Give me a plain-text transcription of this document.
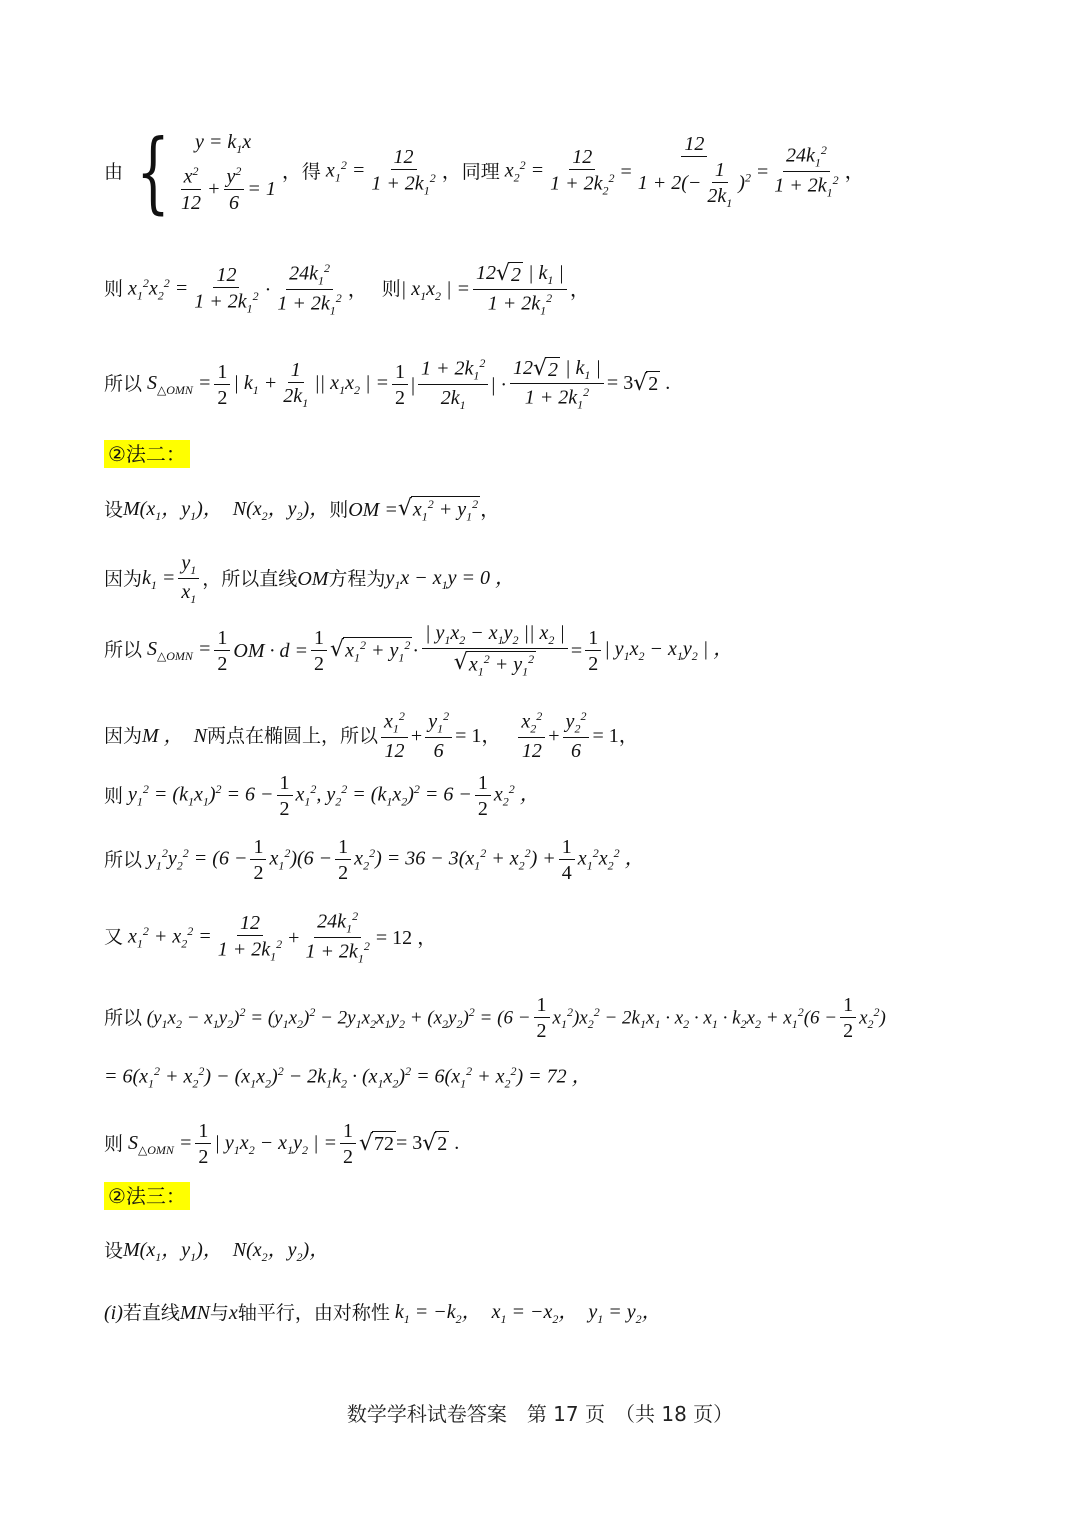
由 {	$y = k_1x$
$\frac{x^2}{12} + \frac{y^2}{6} = 1$
， 得 $x_1^2 = \frac{12}{1 + 2k_1^2}$ ， 同理 $x_2^2 = \frac{12}{1 + 2k_2^2} = \frac{12}{1 + 2(- \frac{1}{2k_1} )^2} = \frac{24k_1^2}{1 + 2k_1^2}$ ，
则 $x_1^2x_2^2 = \frac{12}{1 + 2k_1^2} \cdot \frac{24k_1^2}{1 + 2k_1^2}$ ， 则 | $x_1x_2$ | = $\frac{12 √ 2 | k_1 |}{1 + 2k_1^2}$ ，
所以 $S_{\triangle OMN} = \frac{1}{2}$ | $k_1 + \frac{1}{2k_1}$ || $x_1x_2$ | = $\frac{1}{2}$ | $\frac{1 + 2k_1^2}{2k_1}$ | · $\frac{12 √ 2 | k_1 |}{1 + 2k_1^2} = 3$ √ 2 .
②法二：
设 $M(x_1$，$y_1$)，  $N(x_2$，$y_2$)， 则 OM = √ $x_1^2 + y_1^2$ ，
因为 $k_1 = \frac{y_1}{x_1}$ ，所以直线 OM 方程为 $y_1x - x_1y = 0$ ，
所以 $S_{\triangle OMN} = \frac{1}{2}$ OM · $d = \frac{1}{2}$ √ $x_1^2 + y_1^2 \cdot \frac{| y_1x_2 - x_1y_2 || x_2 |}{√ x_1^2 + y_1^2} = \frac{1}{2}$ | $y_1x_2 - x_1y_2$ | ，
因为 M ，  N 两点在椭圆上，所以 $\frac{x_1^2}{12} + \frac{y_1^2}{6} = 1$， $\frac{x_2^2}{12} + \frac{y_2^2}{6} = 1$，
则 $y_1^2 = (k_1x_1)^2 = 6 - \frac{1}{2} x_1^2$, $y_2^2 = (k_1x_2)^2 = 6 - \frac{1}{2} x_2^2$ ，
所以 $y_1^2y_2^2 = (6 - \frac{1}{2} x_1^2)(6 - \frac{1}{2} x_2^2) = 36 - 3(x_1^2 + x_2^2) + \frac{1}{4} x_1^2x_2^2$ ，
又 $x_1^2 + x_2^2 = \frac{12}{1 + 2k_1^2} + \frac{24k_1^2}{1 + 2k_1^2} = 12$ ，
所以 $(y_1x_2 - x_1y_2)^2 = (y_1x_2)^2 - 2y_1x_2x_1y_2 + (x_2y_2)^2 = (6 - \frac{1}{2} x_1^2)x_2^2 - 2k_1x_1 \cdot x_2 \cdot x_1 \cdot k_2x_2 + x_1^2(6 - \frac{1}{2} x_2^2)$
= $6(x_1^2 + x_2^2) - (x_1x_2)^2 - 2k_1k_2 \cdot (x_1x_2)^2 = 6(x_1^2 + x_2^2) = 72$ ，
则 $S_{\triangle OMN} = \frac{1}{2}$ | $y_1x_2 - x_1y_2$ | = $\frac{1}{2}$ √ 72 = 3 √ 2 .
②法三：
设 $M(x_1$，$y_1$)，  $N(x_2$，$y_2$)，
(i) 若直线 MN 与 x 轴平行，由对称性 $k_1 = -k_2$，  $x_1 = -x_2$，  $y_1 = y_2$，
数学学科试卷答案　第 17 页　（共 18 页）
